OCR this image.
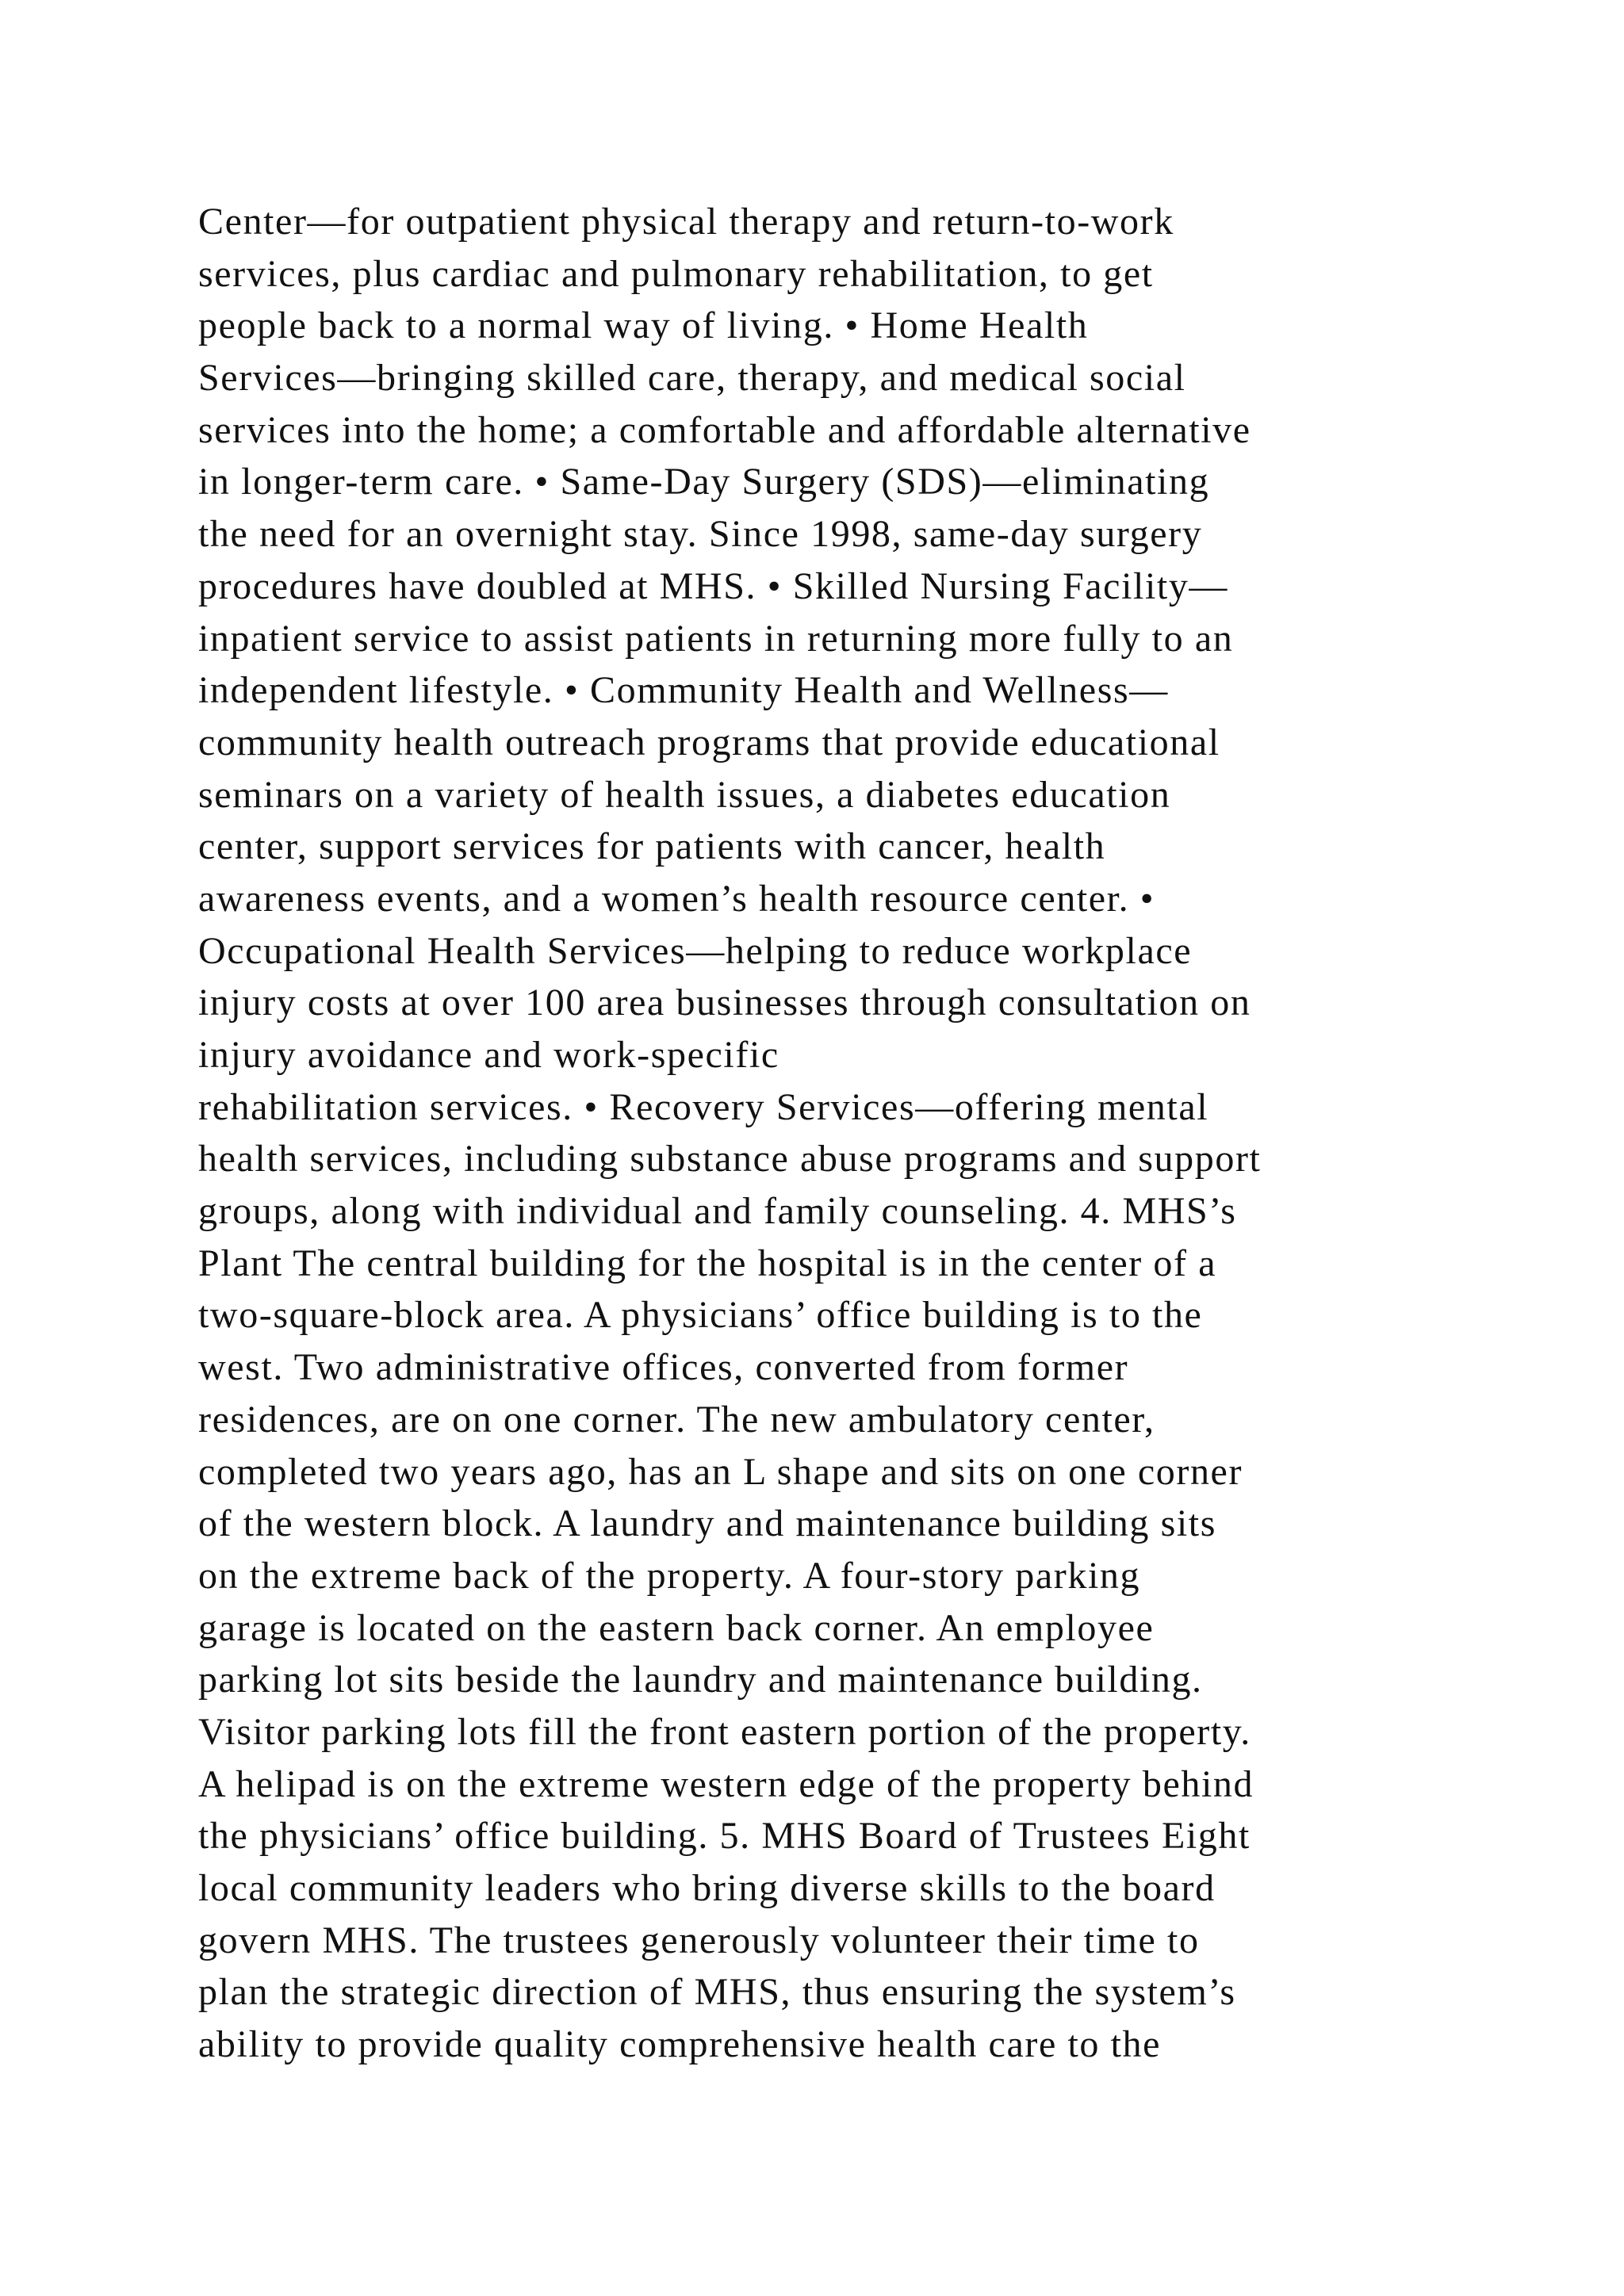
Center—for outpatient physical therapy and return-to-work
services, plus cardiac and pulmonary rehabilitation, to get
people back to a normal way of living. • Home Health
Services—bringing skilled care, therapy, and medical social
services into the home; a comfortable and affordable alternative
in longer-term care. • Same-Day Surgery (SDS)—eliminating
the need for an overnight stay. Since 1998, same-day surgery
procedures have doubled at MHS. • Skilled Nursing Facility—
inpatient service to assist patients in returning more fully to an
independent lifestyle. • Community Health and Wellness—
community health outreach programs that provide educational
seminars on a variety of health issues, a diabetes education
center, support services for patients with cancer, health
awareness events, and a women’s health resource center. •
Occupational Health Services—helping to reduce workplace
injury costs at over 100 area businesses through consultation on
injury avoidance and work-specific
rehabilitation services. • Recovery Services—offering mental
health services, including substance abuse programs and support
groups, along with individual and family counseling. 4. MHS’s
Plant The central building for the hospital is in the center of a
two-square-block area. A physicians’ office building is to the
west. Two administrative offices, converted from former
residences, are on one corner. The new ambulatory center,
completed two years ago, has an L shape and sits on one corner
of the western block. A laundry and maintenance building sits
on the extreme back of the property. A four-story parking
garage is located on the eastern back corner. An employee
parking lot sits beside the laundry and maintenance building.
Visitor parking lots fill the front eastern portion of the property.
A helipad is on the extreme western edge of the property behind
the physicians’ office building. 5. MHS Board of Trustees Eight
local community leaders who bring diverse skills to the board
govern MHS. The trustees generously volunteer their time to
plan the strategic direction of MHS, thus ensuring the system’s
ability to provide quality comprehensive health care to the
